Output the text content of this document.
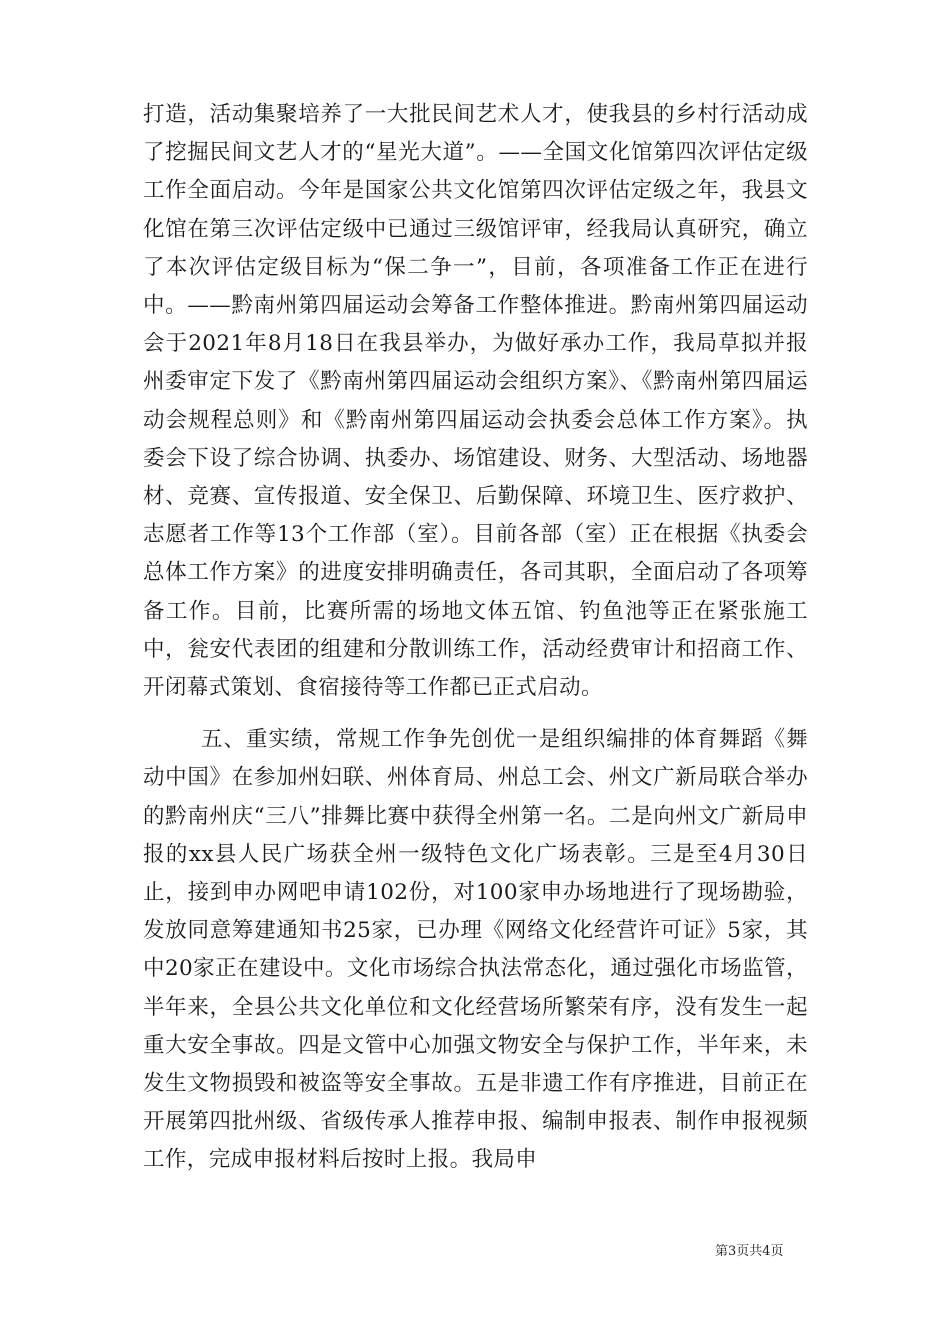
打造，活动集聚培养了一大批民间艺术人才，使我县的乡村行活动成了挖掘民间文艺人才的“星光大道”。——全国文化馆第四次评估定级工作全面启动。今年是国家公共文化馆第四次评估定级之年，我县文化馆在第三次评估定级中已通过三级馆评审，经我局认真研究，确立了本次评估定级目标为“保二争一”，目前，各项准备工作正在进行中。——黔南州第四届运动会筹备工作整体推进。黔南州第四届运动会于2021年8月18日在我县举办，为做好承办工作，我局草拟并报州委审定下发了《黔南州第四届运动会组织方案》、《黔南州第四届运动会规程总则》和《黔南州第四届运动会执委会总体工作方案》。执委会下设了综合协调、执委办、场馆建设、财务、大型活动、场地器材、竞赛、宣传报道、安全保卫、后勤保障、环境卫生、医疗救护、志愿者工作等13个工作部（室）。目前各部（室）正在根据《执委会总体工作方案》的进度安排明确责任，各司其职，全面启动了各项筹备工作。目前，比赛所需的场地文体五馆、钓鱼池等正在紧张施工中，瓮安代表团的组建和分散训练工作，活动经费审计和招商工作、开闭幕式策划、食宿接待等工作都已正式启动。

五、重实绩，常规工作争先创优一是组织编排的体育舞蹈《舞动中国》在参加州妇联、州体育局、州总工会、州文广新局联合举办的黔南州庆“三八”排舞比赛中获得全州第一名。二是向州文广新局申报的xx县人民广场获全州一级特色文化广场表彰。三是至4月30日止，接到申办网吧申请102份，对100家申办场地进行了现场勘验，发放同意筹建通知书25家，已办理《网络文化经营许可证》5家，其中20家正在建设中。文化市场综合执法常态化，通过强化市场监管，半年来，全县公共文化单位和文化经营场所繁荣有序，没有发生一起重大安全事故。四是文管中心加强文物安全与保护工作，半年来，未发生文物损毁和被盗等安全事故。五是非遗工作有序推进，目前正在开展第四批州级、省级传承人推荐申报、编制申报表、制作申报视频工作，完成申报材料后按时上报。我局申

第3页共4页
